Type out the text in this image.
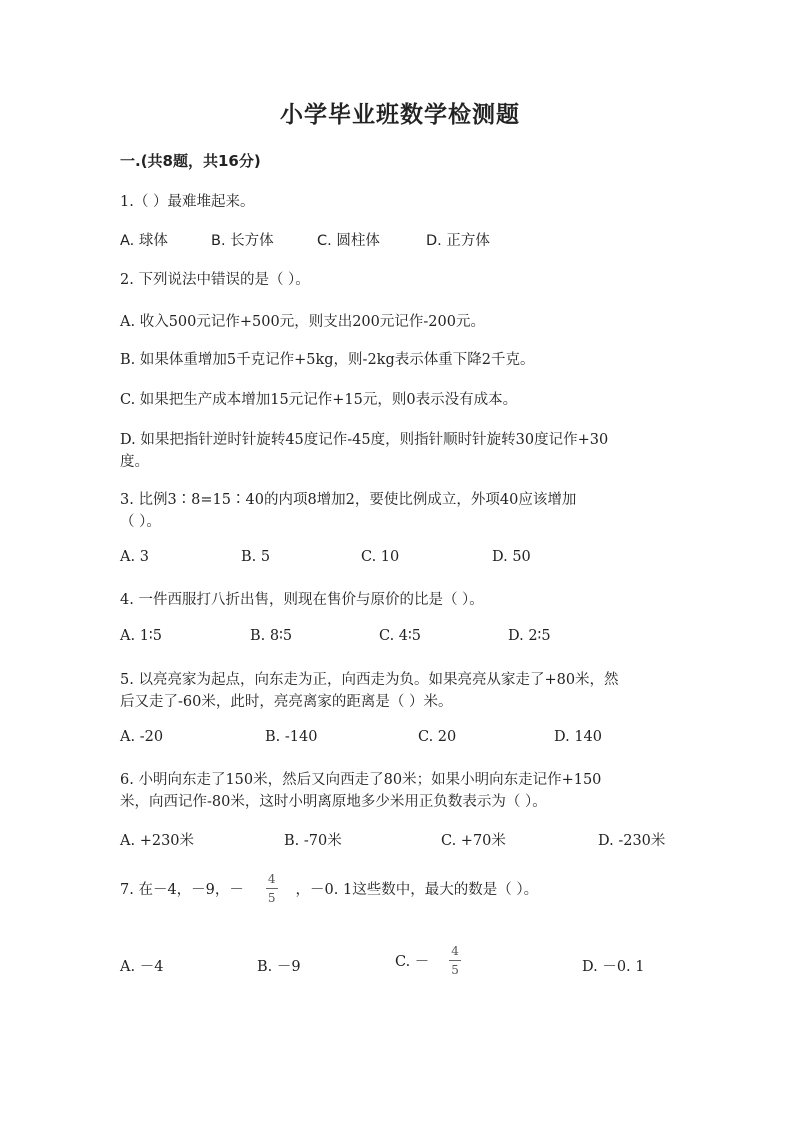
小学毕业班数学检测题
一.(共8题，共16分)
1.（ ）最难堆起来。
A. 球体	B. 长方体	C. 圆柱体	D. 正方体
2. 下列说法中错误的是（ ）。
A. 收入500元记作+500元，则支出200元记作-200元。
B. 如果体重增加5千克记作+5kg，则-2kg表示体重下降2千克。
C. 如果把生产成本增加15元记作+15元，则0表示没有成本。
D. 如果把指针逆时针旋转45度记作-45度，则指针顺时针旋转30度记作+30
度。
3. 比例3∶8=15∶40的内项8增加2，要使比例成立，外项40应该增加
（ ）。
A. 3	B. 5	C. 10	D. 50
4. 一件西服打八折出售，则现在售价与原价的比是（ ）。
A. 1∶5	B. 8∶5	C. 4∶5	D. 2∶5
5. 以亮亮家为起点，向东走为正，向西走为负。如果亮亮从家走了+80米，然
后又走了-60米，此时，亮亮离家的距离是（ ）米。
A. -20	B. -140	C. 20	D. 140
6. 小明向东走了150米，然后又向西走了80米；如果小明向东走记作+150
米，向西记作-80米，这时小明离原地多少米用正负数表示为（ ）。
A. +230米	B. -70米	C. +70米	D. -230米
7. 在－4，－9，－ $\frac{4}{5}$ ，－0. 1这些数中，最大的数是（ ）。
A. －4	B. －9	C. － $\frac{4}{5}$	D. －0. 1
